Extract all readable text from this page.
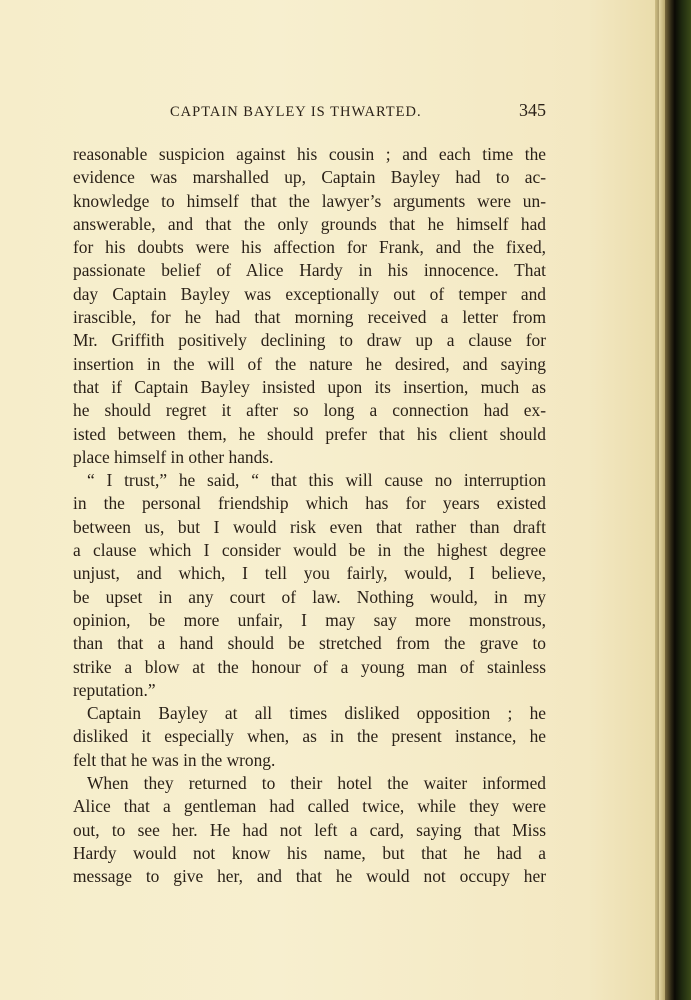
CAPTAIN BAYLEY IS THWARTED.	345
reasonable suspicion against his cousin ; and each time the
evidence was marshalled up, Captain Bayley had to ac-
knowledge to himself that the lawyer’s arguments were un-
answerable, and that the only grounds that he himself had
for his doubts were his affection for Frank, and the fixed,
passionate belief of Alice Hardy in his innocence. That
day Captain Bayley was exceptionally out of temper and
irascible, for he had that morning received a letter from
Mr. Griffith positively declining to draw up a clause for
insertion in the will of the nature he desired, and saying
that if Captain Bayley insisted upon its insertion, much as
he should regret it after so long a connection had ex-
isted between them, he should prefer that his client should
place himself in other hands.
“ I trust,” he said, “ that this will cause no interruption
in the personal friendship which has for years existed
between us, but I would risk even that rather than draft
a clause which I consider would be in the highest degree
unjust, and which, I tell you fairly, would, I believe,
be upset in any court of law. Nothing would, in my
opinion, be more unfair, I may say more monstrous,
than that a hand should be stretched from the grave to
strike a blow at the honour of a young man of stainless
reputation.”
Captain Bayley at all times disliked opposition ; he
disliked it especially when, as in the present instance, he
felt that he was in the wrong.
When they returned to their hotel the waiter informed
Alice that a gentleman had called twice, while they were
out, to see her. He had not left a card, saying that Miss
Hardy would not know his name, but that he had a
message to give her, and that he would not occupy her
